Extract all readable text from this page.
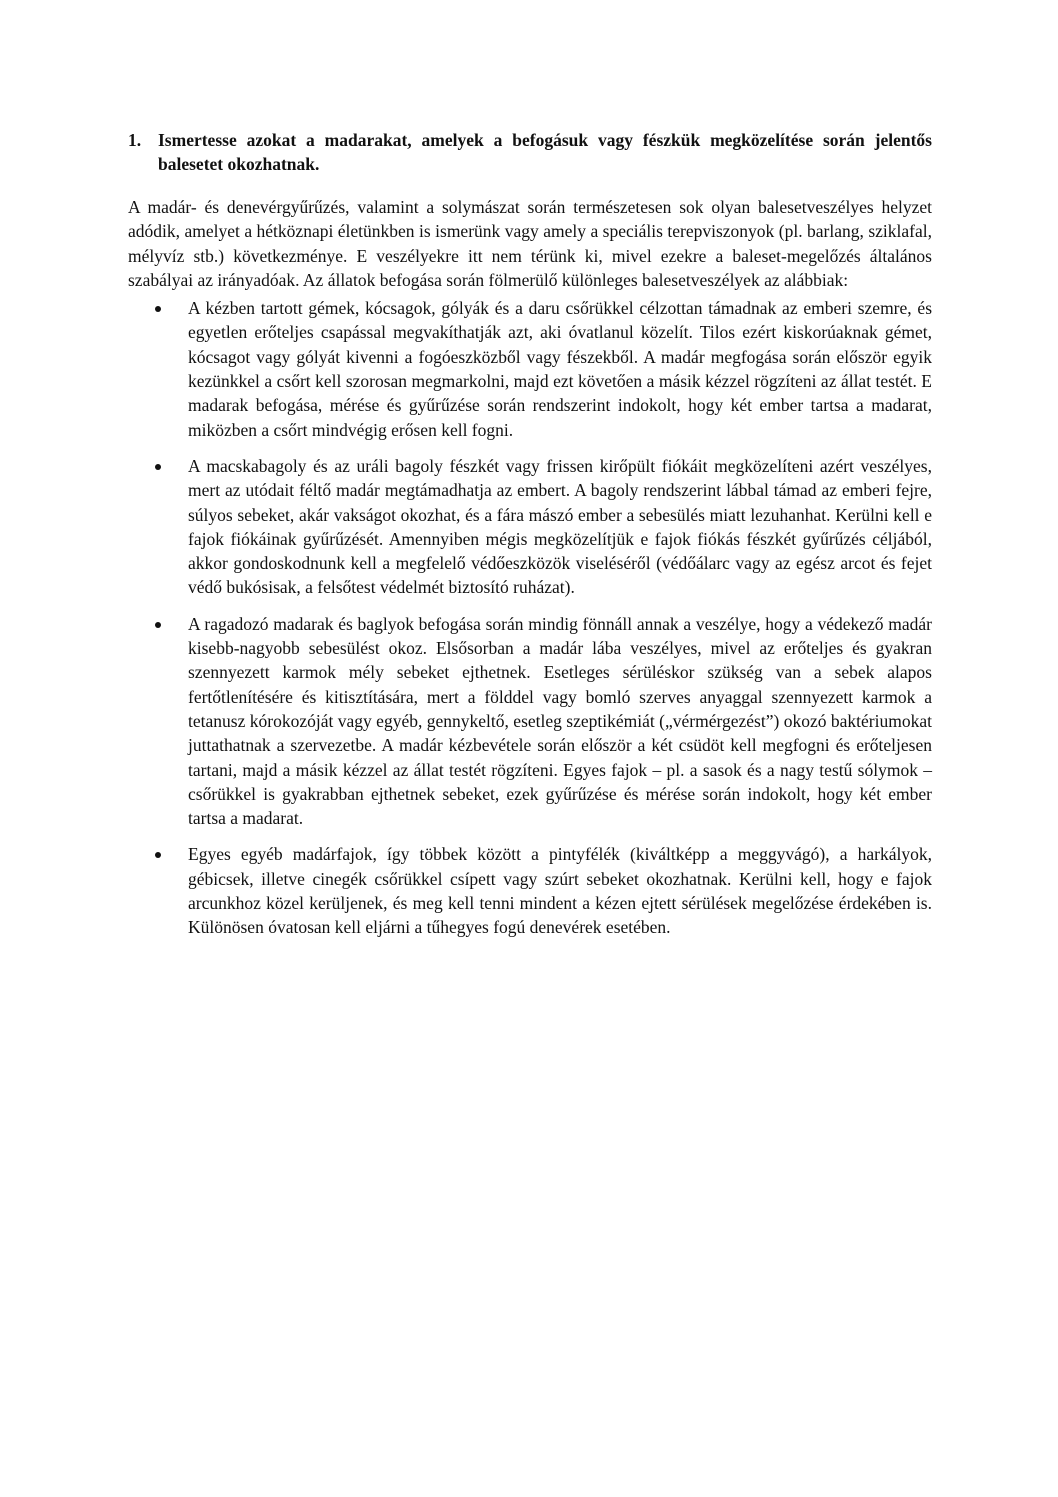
1. Ismertesse azokat a madarakat, amelyek a befogásuk vagy fészkük megközelítése során jelentős balesetet okozhatnak.

A madár- és denevérgyűrűzés, valamint a solymászat során természetesen sok olyan balesetveszélyes helyzet adódik, amelyet a hétköznapi életünkben is ismerünk vagy amely a speciális terepviszonyok (pl. barlang, sziklafal, mélyvíz stb.) következménye. E veszélyekre itt nem térünk ki, mivel ezekre a baleset-megelőzés általános szabályai az irányadóak. Az állatok befogása során fölmerülő különleges balesetveszélyek az alábbiak:

A kézben tartott gémek, kócsagok, gólyák és a daru csőrükkel célzottan támadnak az emberi szemre, és egyetlen erőteljes csapással megvakíthatják azt, aki óvatlanul közelít. Tilos ezért kiskorúaknak gémet, kócsagot vagy gólyát kivenni a fogóeszközből vagy fészekből. A madár megfogása során először egyik kezünkkel a csőrt kell szorosan megmarkolni, majd ezt követően a másik kézzel rögzíteni az állat testét. E madarak befogása, mérése és gyűrűzése során rendszerint indokolt, hogy két ember tartsa a madarat, miközben a csőrt mindvégig erősen kell fogni.
A macskabagoly és az uráli bagoly fészkét vagy frissen kirőpült fiókáit megközelíteni azért veszélyes, mert az utódait féltő madár megtámadhatja az embert. A bagoly rendszerint lábbal támad az emberi fejre, súlyos sebeket, akár vakságot okozhat, és a fára mászó ember a sebesülés miatt lezuhanhat. Kerülni kell e fajok fiókáinak gyűrűzését. Amennyiben mégis megközelítjük e fajok fiókás fészkét gyűrűzés céljából, akkor gondoskodnunk kell a megfelelő védőeszközök viseléséről (védőálarc vagy az egész arcot és fejet védő bukósisak, a felsőtest védelmét biztosító ruházat).
A ragadozó madarak és baglyok befogása során mindig fönnáll annak a veszélye, hogy a védekező madár kisebb-nagyobb sebesülést okoz. Elsősorban a madár lába veszélyes, mivel az erőteljes és gyakran szennyezett karmok mély sebeket ejthetnek. Esetleges sérüléskor szükség van a sebek alapos fertőtlenítésére és kitisztítására, mert a földdel vagy bomló szerves anyaggal szennyezett karmok a tetanusz kórokozóját vagy egyéb, gennykeltő, esetleg szeptikémiát („vérmérgezést”) okozó baktériumokat juttathatnak a szervezetbe. A madár kézbevétele során először a két csüdöt kell megfogni és erőteljesen tartani, majd a másik kézzel az állat testét rögzíteni. Egyes fajok – pl. a sasok és a nagy testű sólymok – csőrükkel is gyakrabban ejthetnek sebeket, ezek gyűrűzése és mérése során indokolt, hogy két ember tartsa a madarat.
Egyes egyéb madárfajok, így többek között a pintyfélék (kiváltképp a meggyvágó), a harkályok, gébicsek, illetve cinegék csőrükkel csípett vagy szúrt sebeket okozhatnak. Kerülni kell, hogy e fajok arcunkhoz közel kerüljenek, és meg kell tenni mindent a kézen ejtett sérülések megelőzése érdekében is. Különösen óvatosan kell eljárni a tűhegyes fogú denevérek esetében.
